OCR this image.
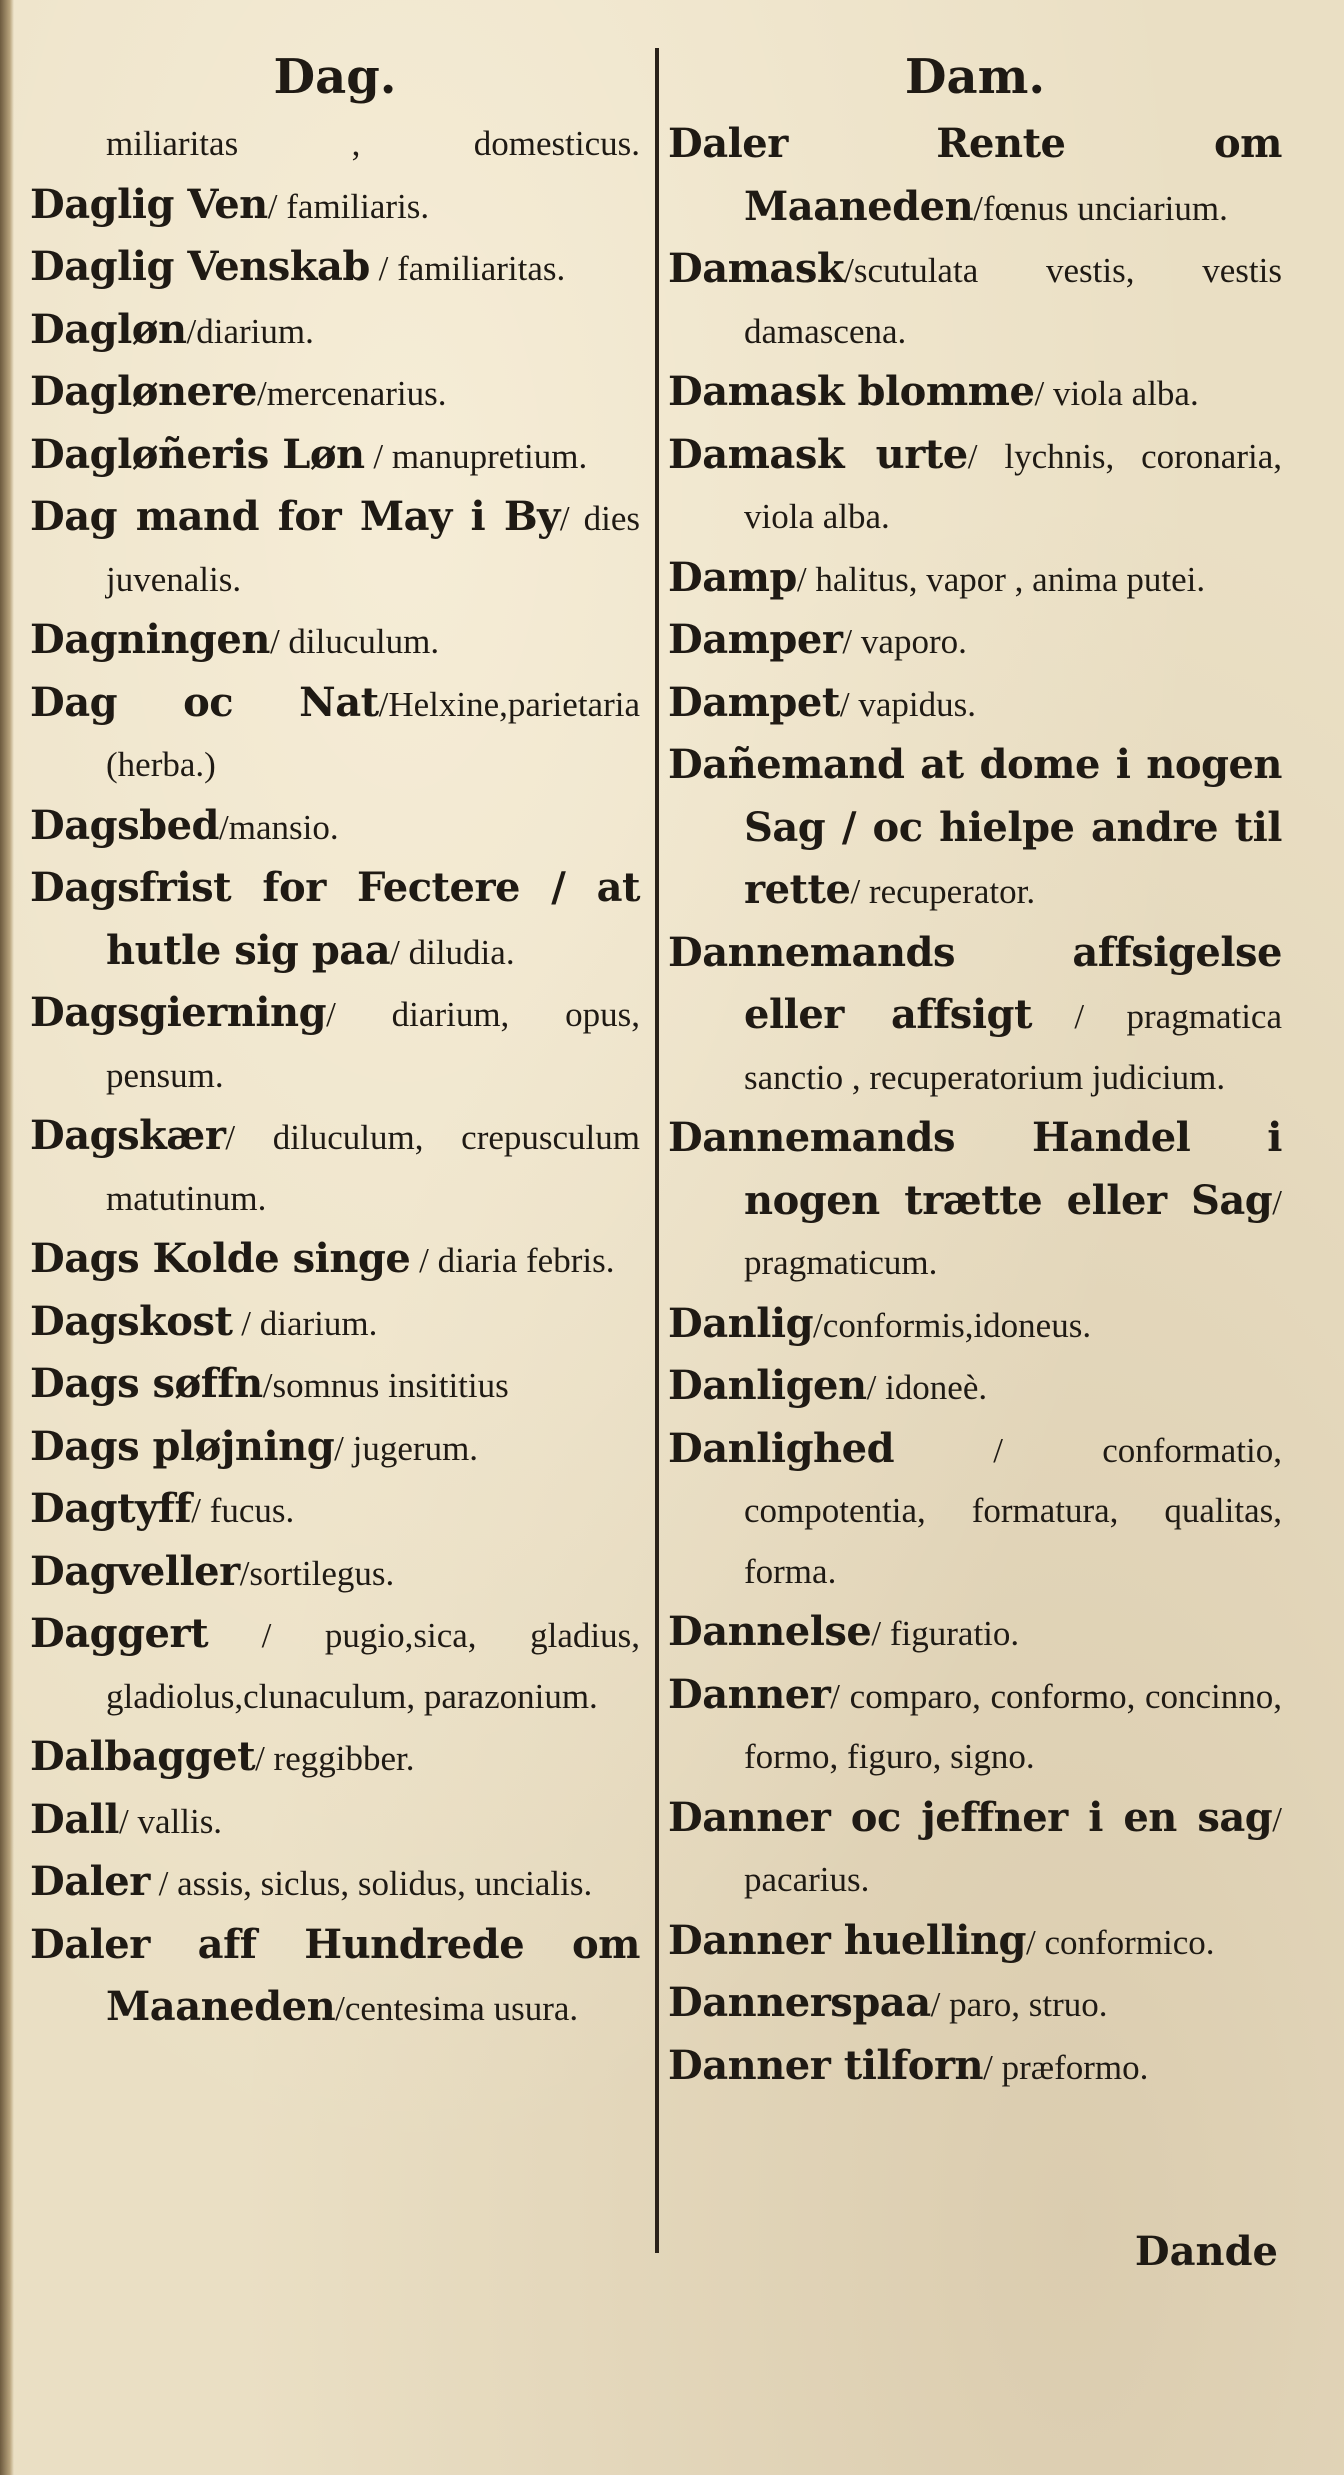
Dag.
miliaritas , domesticus.
Daglig Ven/ familiaris.
Daglig Venskab / familiaritas.
Dagløn/diarium.
Daglønere/mercenarius.
Dagløñeris Løn / manupretium.
Dag mand for May i By/ dies juvenalis.
Dagningen/ diluculum.
Dag oc Nat/Helxine,parietaria (herba.)
Dagsbed/mansio.
Dagsfrist for Fectere / at hutle sig paa/ diludia.
Dagsgierning/ diarium, opus, pensum.
Dagskær/ diluculum, crepusculum matutinum.
Dags Kolde singe / diaria febris.
Dagskost / diarium.
Dags søffn/somnus insititius
Dags pløjning/ jugerum.
Dagtyff/ fucus.
Dagveller/sortilegus.
Daggert / pugio,sica, gladius, gladiolus,clunaculum, parazonium.
Dalbagget/ reggibber.
Dall/ vallis.
Daler / assis, siclus, solidus, uncialis.
Daler aff Hundrede om Maaneden/centesima usura.
Dam.
Daler Rente om Maaneden/fœnus unciarium.
Damask/scutulata vestis, vestis damascena.
Damask blomme/ viola alba.
Damask urte/ lychnis, coronaria, viola alba.
Damp/ halitus, vapor , anima putei.
Damper/ vaporo.
Dampet/ vapidus.
Dañemand at dome i nogen Sag / oc hielpe andre til rette/ recuperator.
Dannemands affsigelse eller affsigt / pragmatica sanctio , recuperatorium judicium.
Dannemands Handel i nogen trætte eller Sag/ pragmaticum.
Danlig/conformis,idoneus.
Danligen/ idoneè.
Danlighed / conformatio, compotentia, formatura, qualitas, forma.
Dannelse/ figuratio.
Danner/ comparo, conformo, concinno, formo, figuro, signo.
Danner oc jeffner i en sag/ pacarius.
Danner huelling/ conformico.
Dannerspaa/ paro, struo.
Danner tilforn/ præformo.
Dande
